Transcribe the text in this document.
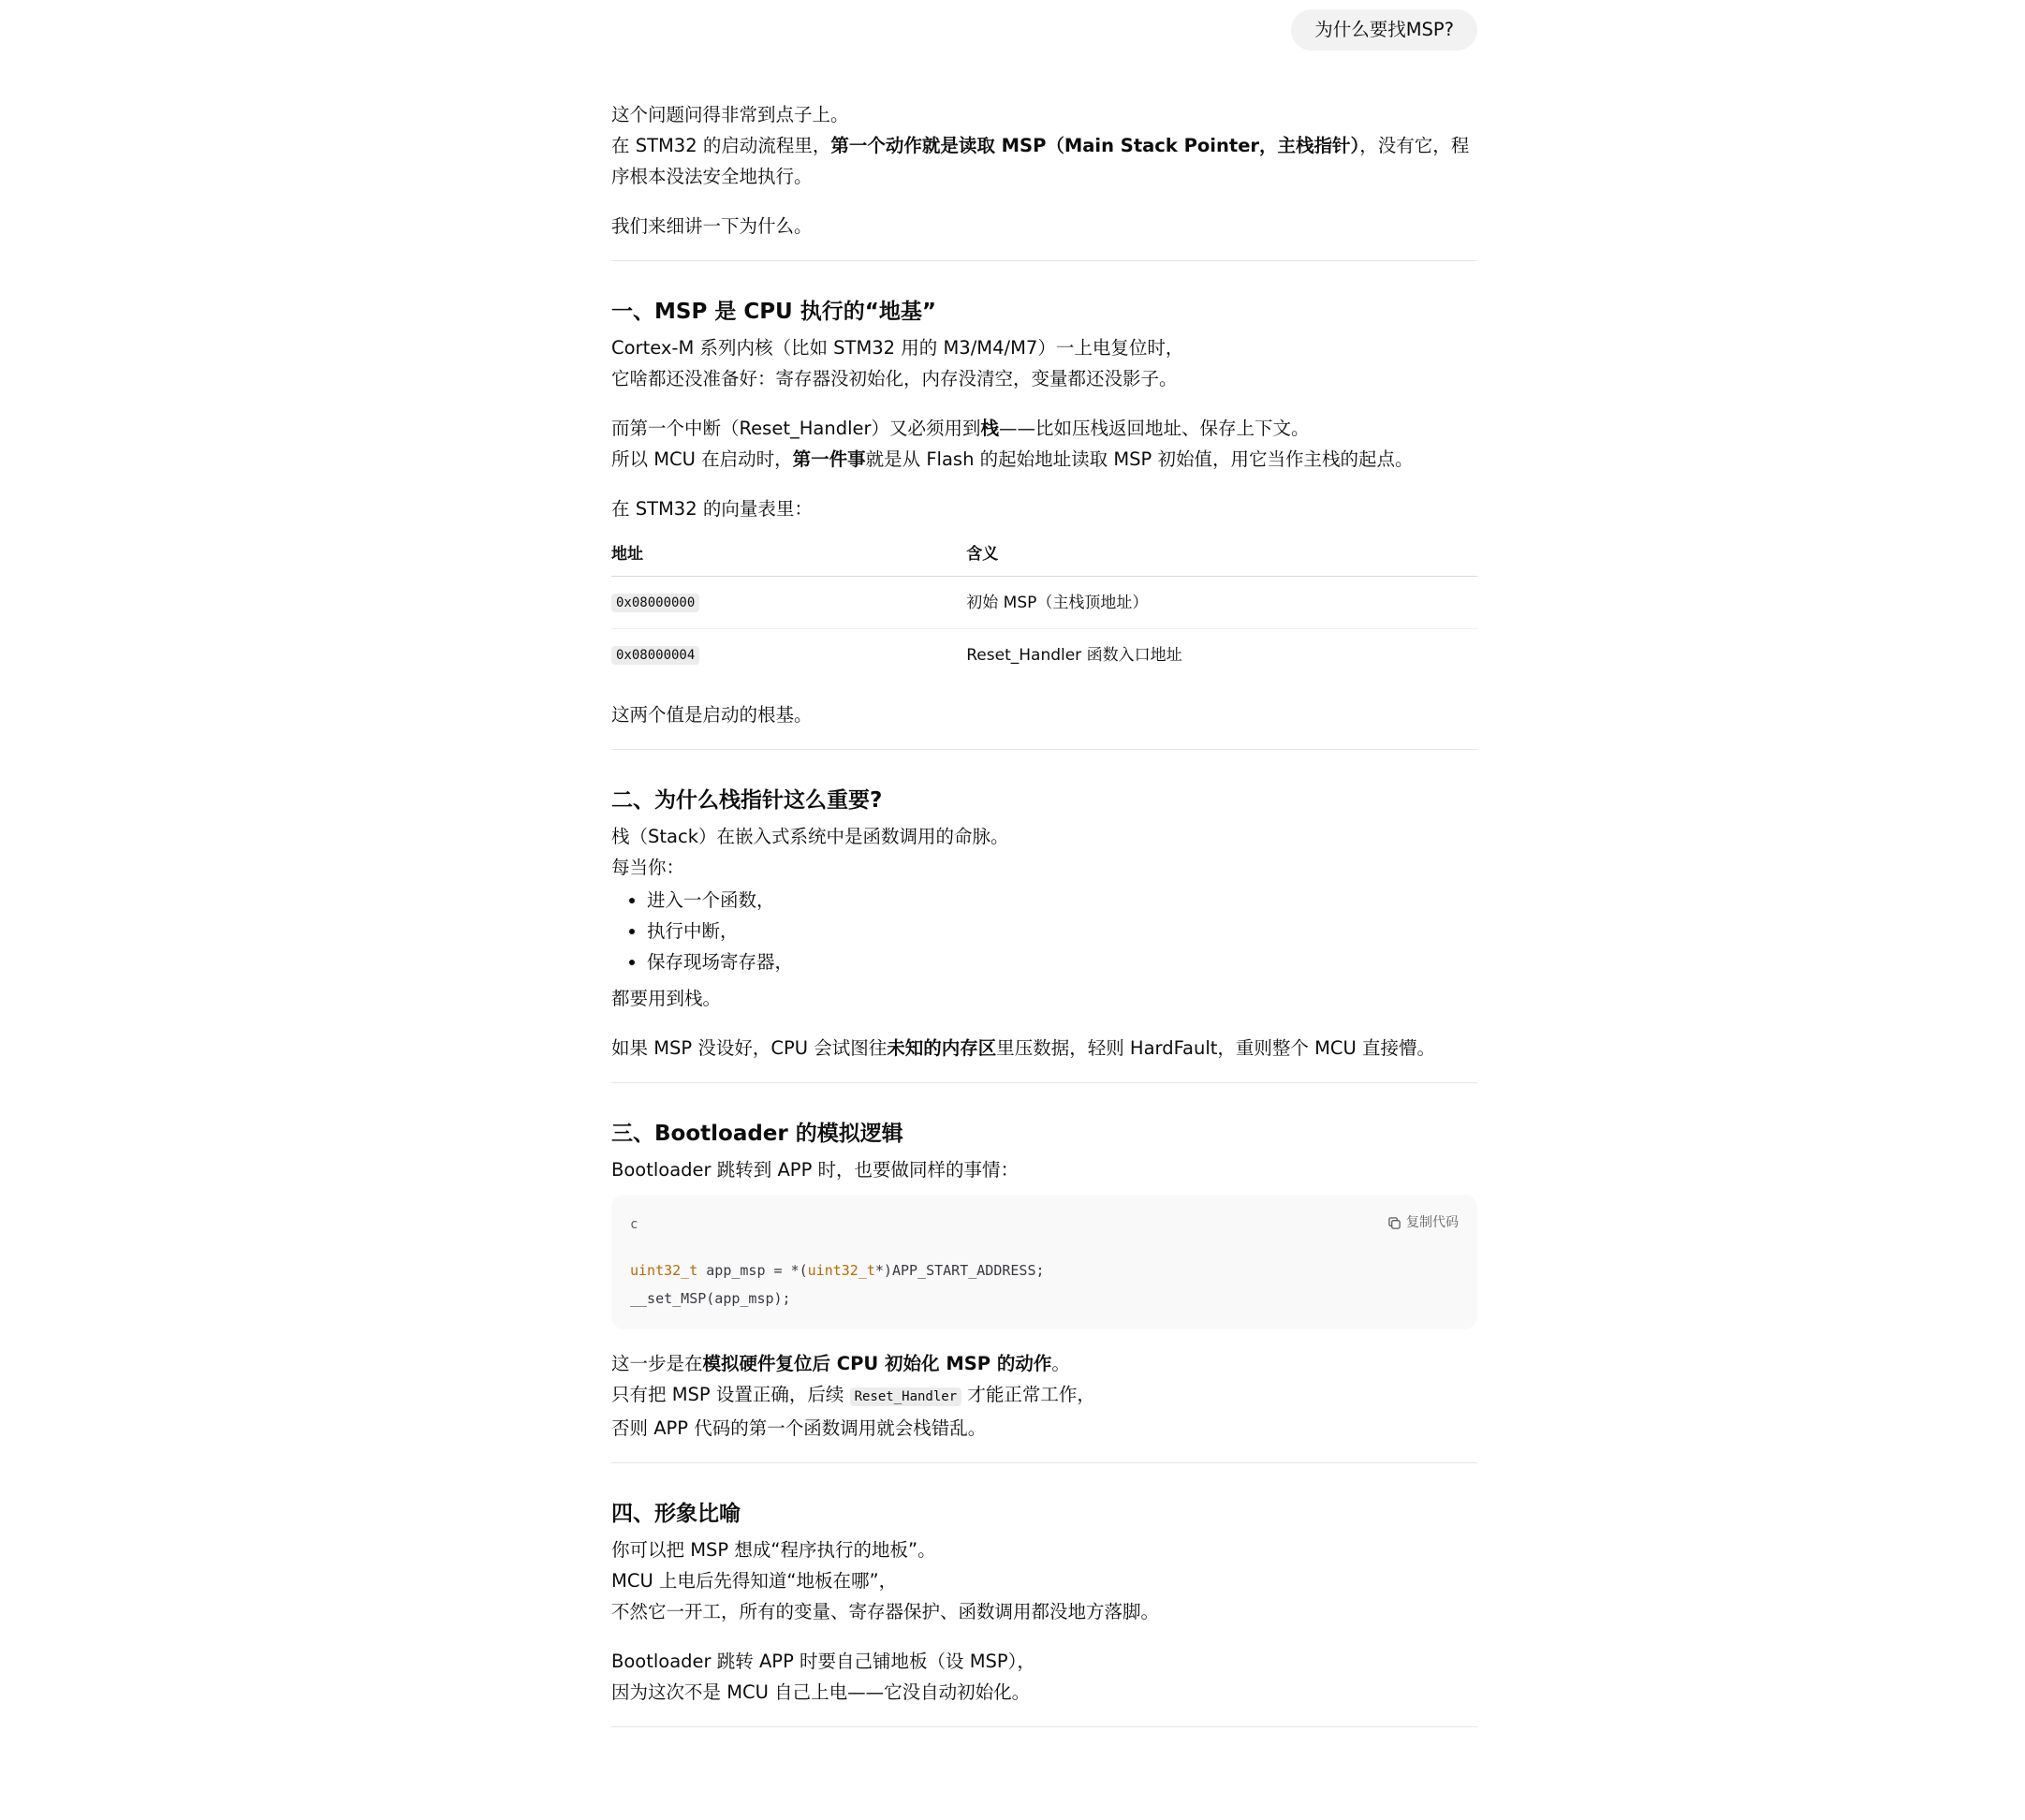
为什么要找MSP?

这个问题问得非常到点子上。

在 STM32 的启动流程里，第一个动作就是读取 MSP（Main Stack Pointer，主栈指针），没有它，程序根本没法安全地执行。

我们来细讲一下为什么。

一、MSP 是 CPU 执行的“地基”

Cortex-M 系列内核（比如 STM32 用的 M3/M4/M7）一上电复位时，

它啥都还没准备好：寄存器没初始化，内存没清空，变量都还没影子。

而第一个中断（Reset_Handler）又必须用到栈——比如压栈返回地址、保存上下文。

所以 MCU 在启动时，第一件事就是从 Flash 的起始地址读取 MSP 初始值，用它当作主栈的起点。

在 STM32 的向量表里：

地址	含义
0x08000000	初始 MSP（主栈顶地址）
0x08000004	Reset_Handler 函数入口地址

这两个值是启动的根基。

二、为什么栈指针这么重要?

栈（Stack）在嵌入式系统中是函数调用的命脉。

每当你：

• 进入一个函数，
• 执行中断，
• 保存现场寄存器，

都要用到栈。

如果 MSP 没设好，CPU 会试图往未知的内存区里压数据，轻则 HardFault，重则整个 MCU 直接懵。

三、Bootloader 的模拟逻辑

Bootloader 跳转到 APP 时，也要做同样的事情：

c	复制代码
uint32_t app_msp = *(uint32_t*)APP_START_ADDRESS;
__set_MSP(app_msp);

这一步是在模拟硬件复位后 CPU 初始化 MSP 的动作。

只有把 MSP 设置正确，后续 Reset_Handler 才能正常工作，

否则 APP 代码的第一个函数调用就会栈错乱。

四、形象比喻

你可以把 MSP 想成“程序执行的地板”。

MCU 上电后先得知道“地板在哪”，

不然它一开工，所有的变量、寄存器保护、函数调用都没地方落脚。

Bootloader 跳转 APP 时要自己铺地板（设 MSP），

因为这次不是 MCU 自己上电——它没自动初始化。
